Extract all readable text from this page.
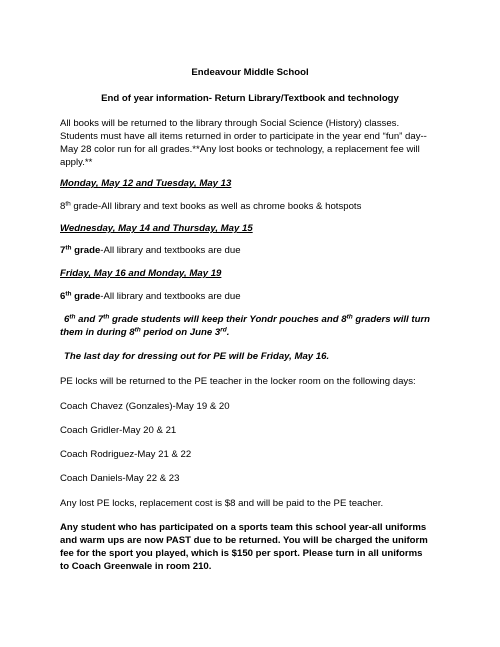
Endeavour Middle School

End of year information- Return Library/Textbook and technology

All books will be returned to the library through Social Science (History) classes.

Students must have all items returned in order to participate in the year end “fun” day--

May 28 color run for all grades.**Any lost books or technology, a replacement fee will

apply.**

Monday, May 12 and Tuesday, May 13

8th grade-All library and text books as well as chrome books & hotspots

Wednesday, May 14 and Thursday, May 15

7th grade-All library and textbooks are due

Friday, May 16 and Monday, May 19

6th grade-All library and textbooks are due

6th and 7th grade students will keep their Yondr pouches and 8th graders will turn

them in during 8th period on June 3rd.

The last day for dressing out for PE will be Friday, May 16.

PE locks will be returned to the PE teacher in the locker room on the following days:

Coach Chavez (Gonzales)-May 19 & 20

Coach Gridler-May 20 & 21

Coach Rodriguez-May 21 & 22

Coach Daniels-May 22 & 23

Any lost PE locks, replacement cost is $8 and will be paid to the PE teacher.

Any student who has participated on a sports team this school year-all uniforms

and warm ups are now PAST due to be returned. You will be charged the uniform

fee for the sport you played, which is $150 per sport. Please turn in all uniforms

to Coach Greenwale in room 210.
